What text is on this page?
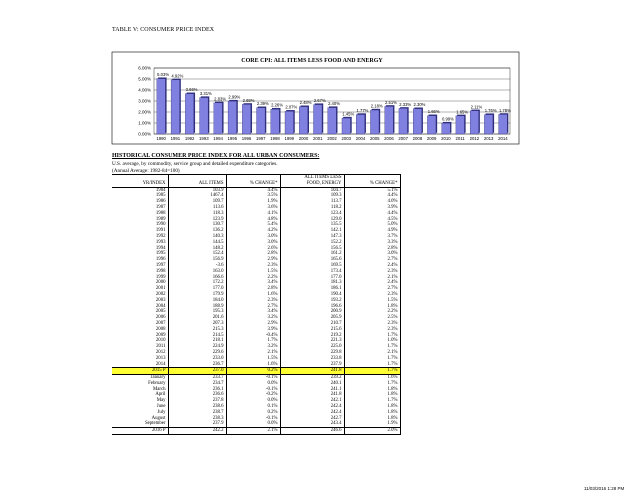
TABLE V: CONSUMER PRICE INDEX
CORE CPI: ALL ITEMS LESS FOOD AND ENERGY
5.03% 4.92%
3.66%
3.31%
2.83% 2.99%
2.69%
2.39% 2.26% 2.07%
2.48% 2.67%
2.40%
1.45%
1.77%
2.18%
2.51% 2.33% 2.30%
1.66%
0.99%
1.65%
2.11%
1.76% 1.78%
0.00%
1.00%
2.00%
3.00%
4.00%
5.00%
6.00%
1990 1991 1992 1993 1994 1995 1996 1997 1998 1999 2000 2001 2002 2003 2004 2005 2006 2007 2008 2009 2010 2011 2012 2013 2014
HISTORICAL CONSUMER PRICE INDEX FOR ALL URBAN CONSUMERS:
U.S. average, by commodity, service group and detailed expenditure categories.
(Annual Average: 1982-84=100)
			ALL ITEMS LESS	
YR/INDEX	ALL ITEMS	% CHANGE*	FOOD, ENERGY	% CHANGE*
1984	103.9	4.4%	104.7	5.1%
1985	1467.4	3.5%	109.3	4.4%
1986	109.7	1.9%	113.7	4.0%
1987	113.6	3.6%	118.2	3.9%
1988	118.3	4.1%	123.4	4.4%
1989	123.9	4.8%	129.0	4.5%
1990	130.7	5.4%	135.5	5.0%
1991	136.2	4.2%	142.1	4.9%
1992	140.3	3.0%	147.3	3.7%
1993	144.5	3.0%	152.2	3.3%
1994	148.2	2.6%	156.5	2.8%
1995	152.4	2.8%	161.2	3.0%
1996	156.9	2.9%	165.6	2.7%
1997	-3.6	2.3%	169.5	2.4%
1998	163.0	1.5%	173.4	2.3%
1999	166.6	2.2%	177.0	2.1%
2000	172.2	3.4%	181.3	2.4%
2001	177.0	2.8%	186.1	2.7%
2002	179.9	1.6%	190.4	2.3%
2003	184.0	2.3%	193.2	1.5%
2004	188.9	2.7%	196.6	1.8%
2005	195.3	3.4%	200.9	2.2%
2006	201.6	3.2%	205.9	2.5%
2007	207.3	2.9%	210.7	2.3%
2008	215.3	3.9%	215.6	2.3%
2009	214.5	-0.4%	219.2	1.7%
2010	218.1	1.7%	221.3	1.0%
2011	224.9	3.2%	225.0	1.7%
2012	229.6	2.1%	229.8	2.1%
2013	233.0	1.5%	233.8	1.7%
2014	236.7	1.6%	237.9	1.7%
2015 P	237.0	0.2%	241.8	1.7%
January	233.7	-0.1%	239.2	1.6%
February	234.7	0.0%	240.1	1.7%
March	236.1	-0.1%	241.1	1.8%
April	236.6	-0.2%	241.8	1.8%
May	237.8	0.0%	242.1	1.7%
June	238.6	0.1%	242.4	1.8%
July	238.7	0.2%	242.4	1.8%
August	238.3	-0.1%	242.7	1.8%
September	237.9	0.0%	243.4	1.9%
2016 P	242.2	2.1%	246.6	2.0%
11/03/2016 1:28 PM
